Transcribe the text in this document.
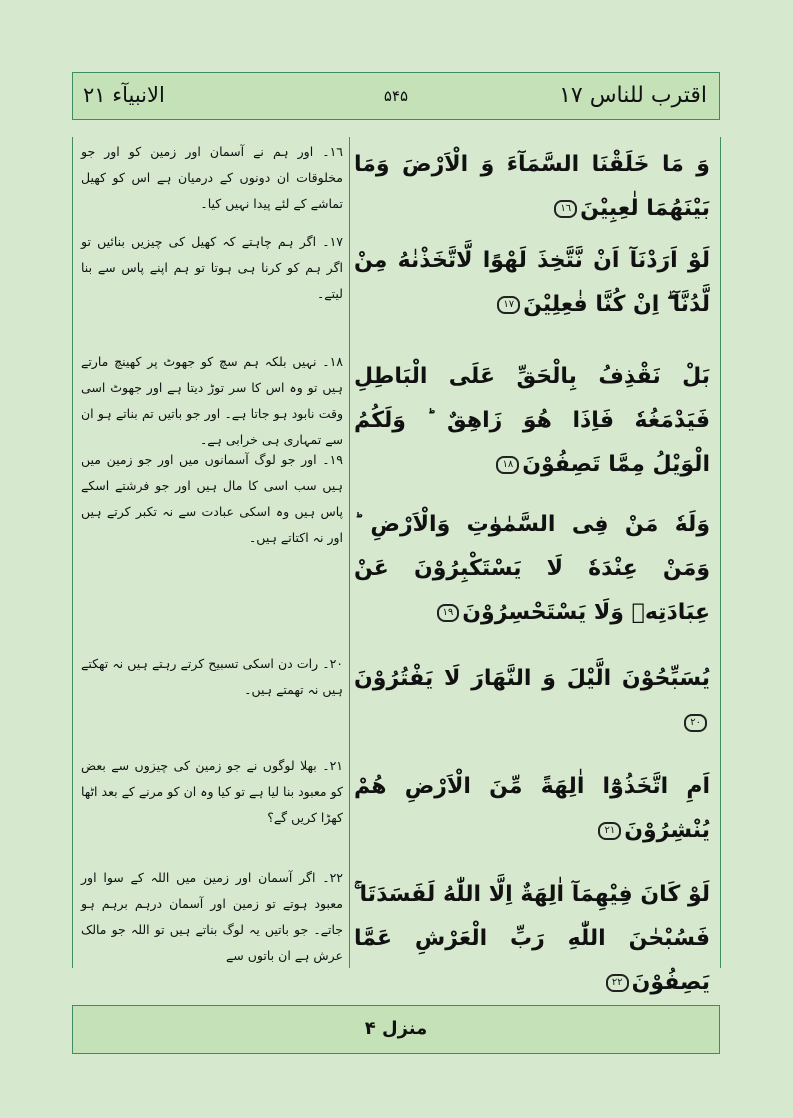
اقترب للناس ١٧
۵۴۵
الانبیآء ٢١
وَ مَا خَلَقْنَا السَّمَآءَ وَ الْاَرْضَ وَمَا بَيْنَهُمَا لٰعِبِيْنَ١٦
١٦۔ اور ہم نے آسمان اور زمین کو اور جو مخلوقات ان دونوں کے درمیان ہے اس کو کھیل تماشے کے لئے پیدا نہیں کیا۔
لَوْ اَرَدْنَآ اَنْ نَّتَّخِذَ لَهْوًا لَّاتَّخَذْنٰهُ مِنْ لَّدُنَّآ ۖ اِنْ كُنَّا فٰعِلِيْنَ١٧
١٧۔ اگر ہم چاہتے کہ کھیل کی چیزیں بنائیں تو اگر ہم کو کرنا ہی ہوتا تو ہم اپنے پاس سے بنا لیتے۔
بَلْ نَقْذِفُ بِالْحَقِّ عَلَى الْبَاطِلِ فَيَدْمَغُهٗ فَاِذَا هُوَ زَاهِقٌ ؕ وَلَكُمُ الْوَيْلُ مِمَّا تَصِفُوْنَ١٨
١٨۔ نہیں بلکہ ہم سچ کو جھوٹ پر کھینچ مارتے ہیں تو وہ اس کا سر توڑ دیتا ہے اور جھوٹ اسی وقت نابود ہو جاتا ہے۔ اور جو باتیں تم بناتے ہو ان سے تمہاری ہی خرابی ہے۔
وَلَهٗ مَنْ فِى السَّمٰوٰتِ وَالْاَرْضِ ؕ وَمَنْ عِنْدَهٗ لَا يَسْتَكْبِرُوْنَ عَنْ عِبَادَتِهٖ وَلَا يَسْتَحْسِرُوْنَ١٩
١٩۔ اور جو لوگ آسمانوں میں اور جو زمین میں ہیں سب اسی کا مال ہیں اور جو فرشتے اسکے پاس ہیں وہ اسکی عبادت سے نہ تکبر کرتے ہیں اور نہ اکتاتے ہیں۔
يُسَبِّحُوْنَ الَّيْلَ وَ النَّهَارَ لَا يَفْتُرُوْنَ٢٠
٢٠۔ رات دن اسکی تسبیح کرتے رہتے ہیں نہ تھکتے ہیں نہ تھمتے ہیں۔
اَمِ اتَّخَذُوْٓا اٰلِهَةً مِّنَ الْاَرْضِ هُمْ يُنْشِرُوْنَ٢١
٢١۔ بھلا لوگوں نے جو زمین کی چیزوں سے بعض کو معبود بنا لیا ہے تو کیا وہ ان کو مرنے کے بعد اٹھا کھڑا کریں گے؟
لَوْ كَانَ فِيْهِمَآ اٰلِهَةٌ اِلَّا اللّٰهُ لَفَسَدَتَا ۚ فَسُبْحٰنَ اللّٰهِ رَبِّ الْعَرْشِ عَمَّا يَصِفُوْنَ٢٢
٢٢۔ اگر آسمان اور زمین میں اللہ کے سوا اور معبود ہوتے تو زمین اور آسمان درہم برہم ہو جاتے۔ جو باتیں یہ لوگ بناتے ہیں تو اللہ جو مالک عرش ہے ان باتوں سے
منزل ۴
